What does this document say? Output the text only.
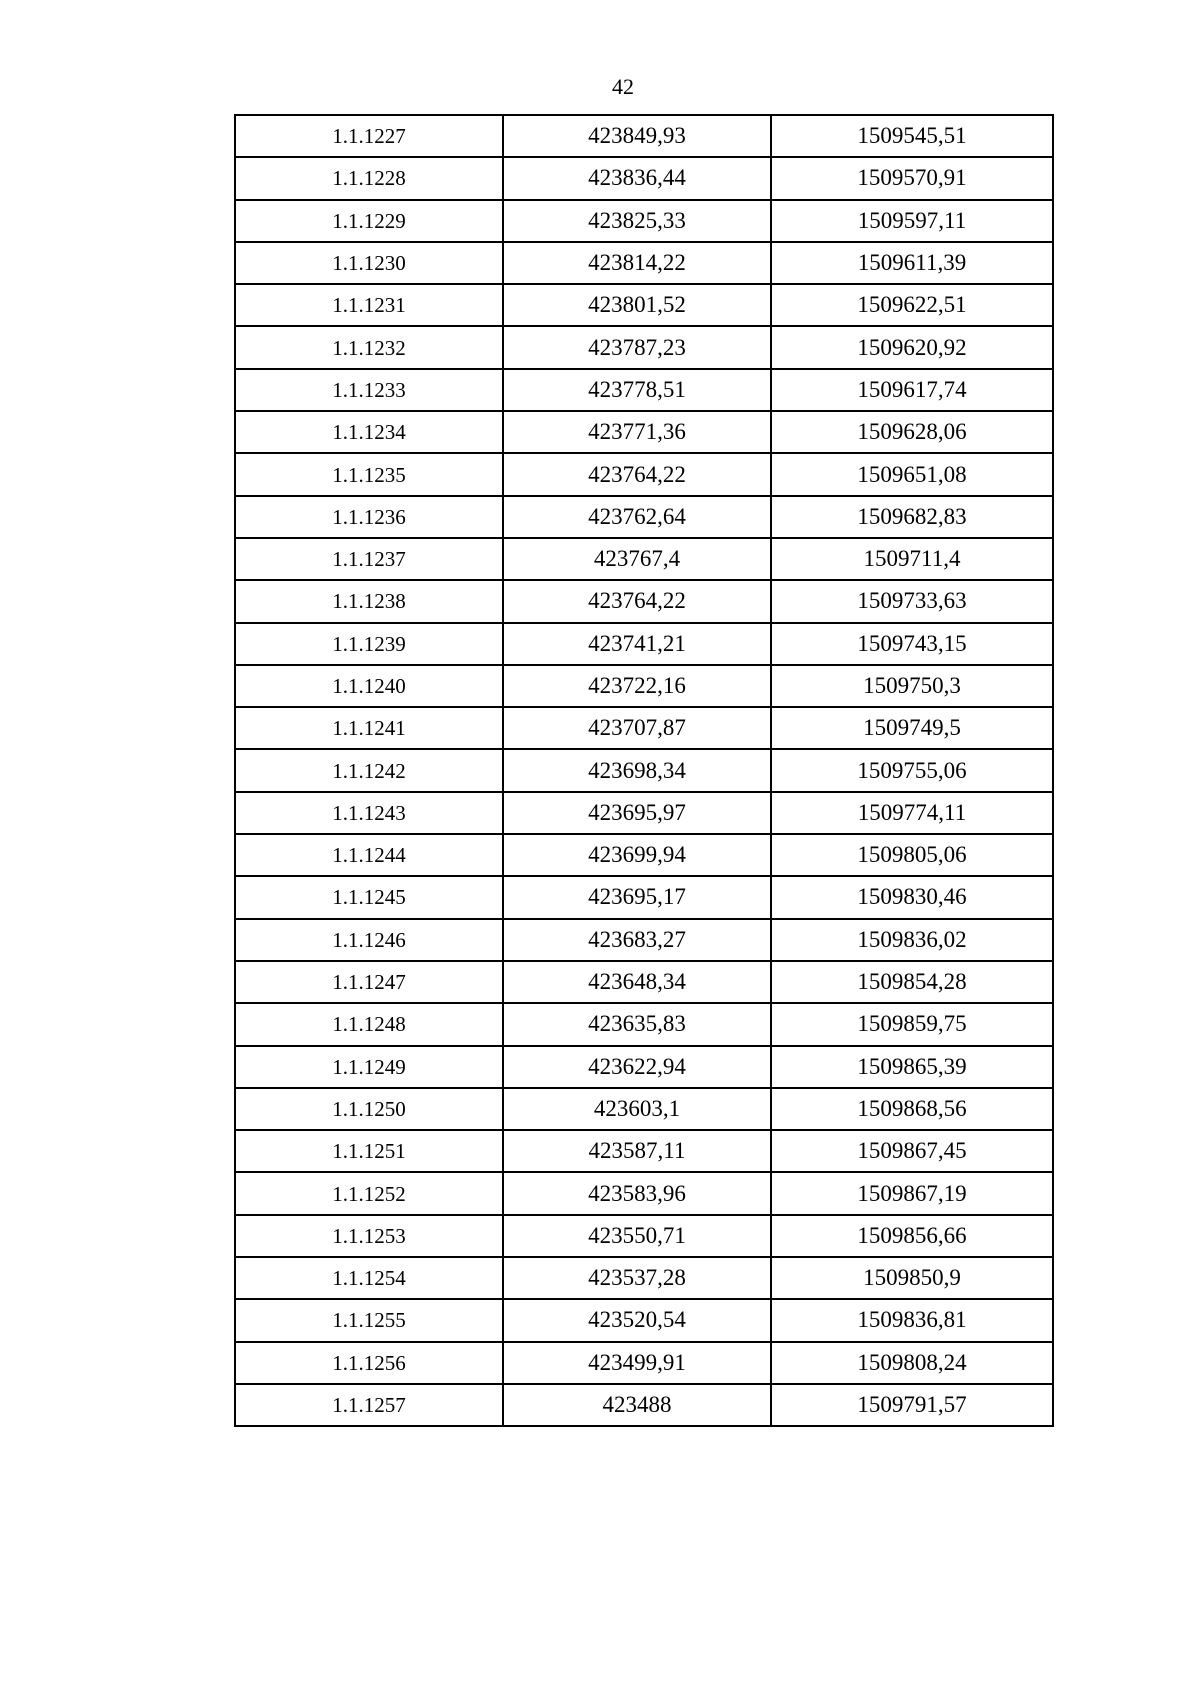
42
1.1.1227	423849,93	1509545,51
1.1.1228	423836,44	1509570,91
1.1.1229	423825,33	1509597,11
1.1.1230	423814,22	1509611,39
1.1.1231	423801,52	1509622,51
1.1.1232	423787,23	1509620,92
1.1.1233	423778,51	1509617,74
1.1.1234	423771,36	1509628,06
1.1.1235	423764,22	1509651,08
1.1.1236	423762,64	1509682,83
1.1.1237	423767,4	1509711,4
1.1.1238	423764,22	1509733,63
1.1.1239	423741,21	1509743,15
1.1.1240	423722,16	1509750,3
1.1.1241	423707,87	1509749,5
1.1.1242	423698,34	1509755,06
1.1.1243	423695,97	1509774,11
1.1.1244	423699,94	1509805,06
1.1.1245	423695,17	1509830,46
1.1.1246	423683,27	1509836,02
1.1.1247	423648,34	1509854,28
1.1.1248	423635,83	1509859,75
1.1.1249	423622,94	1509865,39
1.1.1250	423603,1	1509868,56
1.1.1251	423587,11	1509867,45
1.1.1252	423583,96	1509867,19
1.1.1253	423550,71	1509856,66
1.1.1254	423537,28	1509850,9
1.1.1255	423520,54	1509836,81
1.1.1256	423499,91	1509808,24
1.1.1257	423488	1509791,57
